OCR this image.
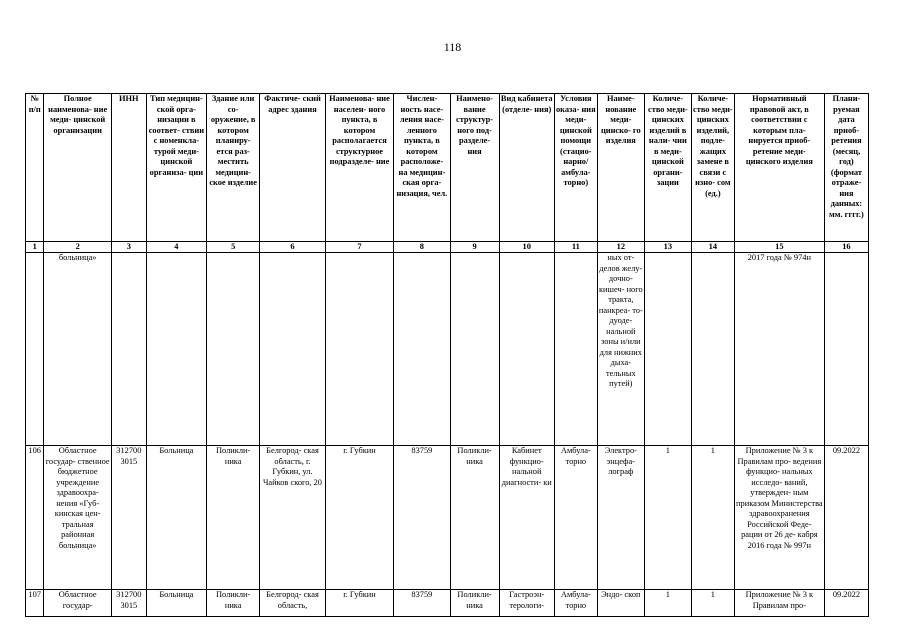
118
№ п/п	Полное наименова- ние меди- цинской организации	ИНН	Тип медицин- ской орга- низации в соответ- ствии с номенкла- турой меди- цинской организа- ции	Здание или со- оружение, в котором планиру- ется раз- местить медицин- ское изделие	Фактиче- ский адрес здания	Наименова- ние населен- ного пункта, в котором располагается структурное подразделе- ние	Числен- ность насе- ления насе- ленного пункта, в котором расположе- на медицин- ская орга- низация, чел.	Наимено- вание структур- ного под- разделе- ния	Вид кабинета (отделе- ния)	Условия оказа- ния меди- цинской помощи (стацио- нарно/ амбула- торно)	Наиме- нование меди- цинско- го изделия	Количе- ство меди- цинских изделий в нали- чии в меди- цинской органи- зации	Количе- ство меди- цинских изделий, подле- жащих замене в связи с изно- сом (ед.)	Нормативный правовой акт, в соответствии с которым пла- нируется приоб- ретение меди- цинского изделия	Плани- руемая дата приоб- ретения (месяц, год) (формат отраже- ния данных: мм. гггг.)
1	2	3	4	5	6	7	8	9	10	11	12	13	14	15	16
	больница»										ных от- делов желу- дочно- кишеч- ного тракта, панкреа- то- дуоде- нальной зоны и/или для нижних дыха- тельных путей)			2017 года № 974н	
106	Областное государ- ственное бюджетное учреждение здравоохра- нения «Губ- кинская цен- тральная районная больница»	312700 3015	Больница	Поликли- ника	Белгород- ская область, г. Губкин, ул. Чайков ского, 20	г. Губкин	83759	Поликли- ника	Кабинет функцио- нальной диагности- ки	Амбула- торно	Электро- энцефа- лограф	1	1	Приложение № 3 к Правилам про- ведения функцио- нальных исследо- ваний, утвержден- ным приказом Министерства здравоохранения Российской Феде- рации от 26 де- кабря 2016 года № 997н	09.2022
107	Областное государ-	312700 3015	Больница	Поликли- ника	Белгород- ская область,	г. Губкин	83759	Поликли- ника	Гастроэн- терологи-	Амбула- торно	Эндо- скоп	1	1	Приложение № 3 к Правилам про-	09.2022
